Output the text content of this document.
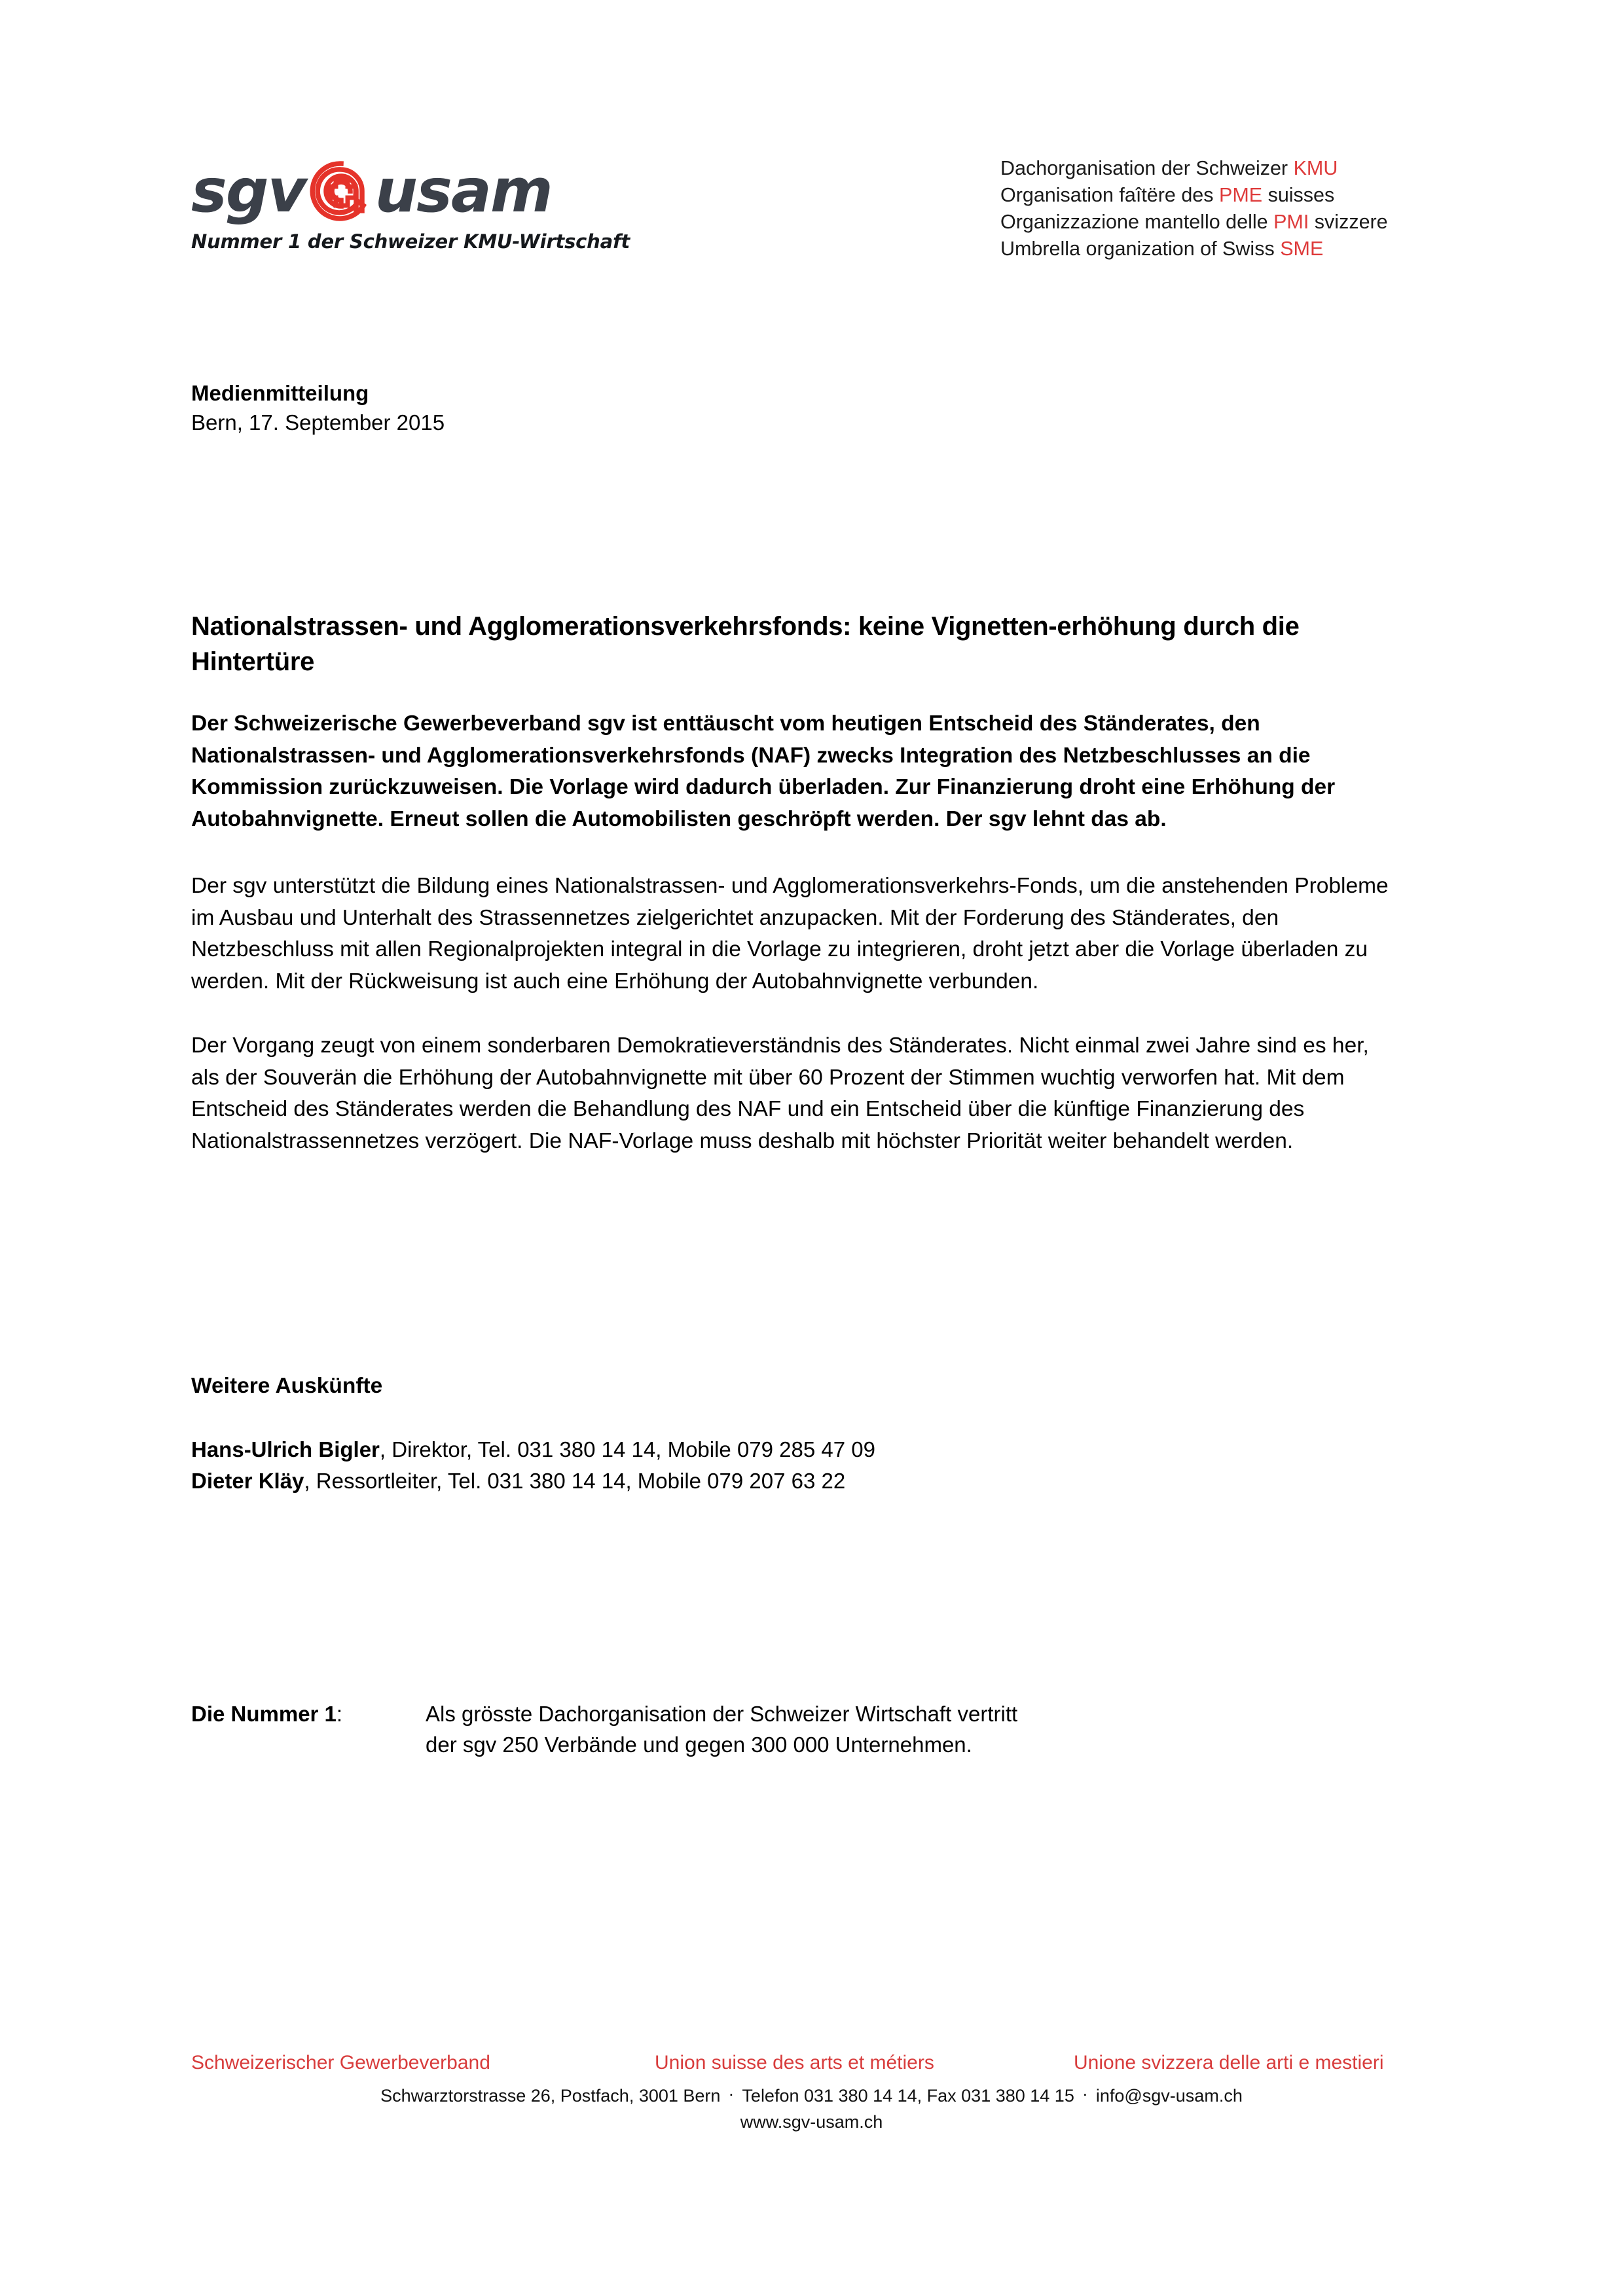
sgv usam
Nummer 1 der Schweizer KMU-Wirtschaft
Dachorganisation der Schweizer KMU
Organisation faîtëre des PME suisses
Organizzazione mantello delle PMI svizzere
Umbrella organization of Swiss SME
Medienmitteilung
Bern, 17. September 2015
Nationalstrassen- und Agglomerationsverkehrsfonds: keine Vignetten-erhöhung durch die Hintertüre

Der Schweizerische Gewerbeverband sgv ist enttäuscht vom heutigen Entscheid des Ständerates, den Nationalstrassen- und Agglomerationsverkehrsfonds (NAF) zwecks Integration des Netzbeschlusses an die Kommission zurückzuweisen. Die Vorlage wird dadurch überladen. Zur Finanzierung droht eine Erhöhung der Autobahnvignette. Erneut sollen die Automobilisten geschröpft werden. Der sgv lehnt das ab.

Der sgv unterstützt die Bildung eines Nationalstrassen- und Agglomerationsverkehrs-Fonds, um die anstehenden Probleme im Ausbau und Unterhalt des Strassennetzes zielgerichtet anzupacken. Mit der Forderung des Ständerates, den Netzbeschluss mit allen Regionalprojekten integral in die Vorlage zu integrieren, droht jetzt aber die Vorlage überladen zu werden. Mit der Rückweisung ist auch eine Erhöhung der Autobahnvignette verbunden.

Der Vorgang zeugt von einem sonderbaren Demokratieverständnis des Ständerates. Nicht einmal zwei Jahre sind es her, als der Souverän die Erhöhung der Autobahnvignette mit über 60 Prozent der Stimmen wuchtig verworfen hat. Mit dem Entscheid des Ständerates werden die Behandlung des NAF und ein Entscheid über die künftige Finanzierung des Nationalstrassennetzes verzögert. Die NAF-Vorlage muss deshalb mit höchster Priorität weiter behandelt werden.

Weitere Auskünfte
Hans-Ulrich Bigler, Direktor, Tel. 031 380 14 14, Mobile 079 285 47 09
Dieter Kläy, Ressortleiter, Tel. 031 380 14 14, Mobile 079 207 63 22
Die Nummer 1:	Als grösste Dachorganisation der Schweizer Wirtschaft vertritt
der sgv 250 Verbände und gegen 300 000 Unternehmen.
Schweizerischer Gewerbeverband	Union suisse des arts et métiers	Unione svizzera delle arti e mestieri
Schwarztorstrasse 26, Postfach, 3001 Bern · Telefon 031 380 14 14, Fax 031 380 14 15 · info@sgv-usam.ch
www.sgv-usam.ch
